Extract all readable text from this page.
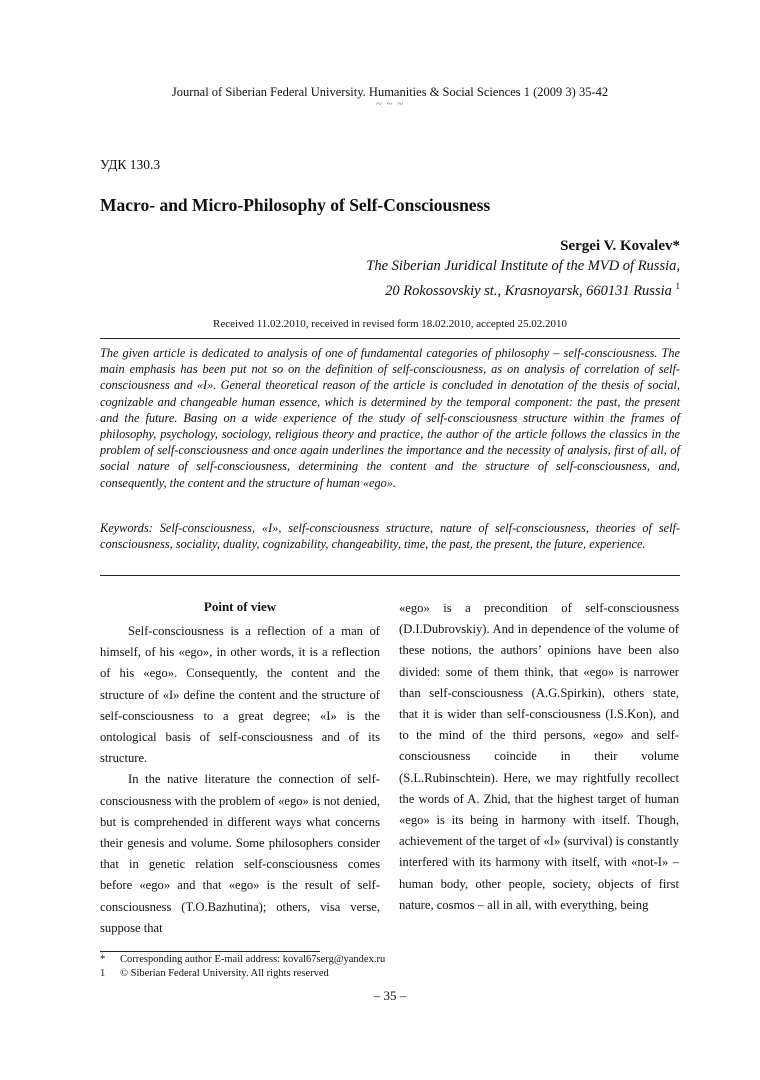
Journal of Siberian Federal University. Humanities & Social Sciences 1 (2009 3) 35-42
~ ~ ~
УДК 130.3
Macro- and Micro-Philosophy of Self-Consciousness
Sergei V. Kovalev*
The Siberian Juridical Institute of the MVD of Russia,
20 Rokossovskiy st., Krasnoyarsk, 660131 Russia $^1$
Received 11.02.2010, received in revised form 18.02.2010, accepted 25.02.2010

The given article is dedicated to analysis of one of fundamental categories of philosophy – self-consciousness. The main emphasis has been put not so on the definition of self-consciousness, as on analysis of correlation of self-consciousness and «I». General theoretical reason of the article is concluded in denotation of the thesis of social, cognizable and changeable human essence, which is determined by the temporal component: the past, the present and the future. Basing on a wide experience of the study of self-consciousness structure within the frames of philosophy, psychology, sociology, religious theory and practice, the author of the article follows the classics in the problem of self-consciousness and once again underlines the importance and the necessity of analysis, first of all, of social nature of self-consciousness, determining the content and the structure of self-consciousness, and, consequently, the content and the structure of human «ego».

Keywords: Self-consciousness, «I», self-consciousness structure, nature of self-consciousness, theories of self-consciousness, sociality, duality, cognizability, changeability, time, the past, the present, the future, experience.

Point of view

Self-consciousness is a reflection of a man of himself, of his «ego», in other words, it is a reflection of his «ego». Consequently, the content and the structure of «I» define the content and the structure of self-consciousness to a great degree; «I» is the ontological basis of self-consciousness and of its structure.

In the native literature the connection of self-consciousness with the problem of «ego» is not denied, but is comprehended in different ways what concerns their genesis and volume. Some philosophers consider that in genetic relation self-consciousness comes before «ego» and that «ego» is the result of self-consciousness (T.O.Bazhutina); others, visa verse, suppose that

«ego» is a precondition of self-consciousness (D.I.Dubrovskiy). And in dependence of the volume of these notions, the authors’ opinions have been also divided: some of them think, that «ego» is narrower than self-consciousness (A.G.Spirkin), others state, that it is wider than self-consciousness (I.S.Kon), and to the mind of the third persons, «ego» and self-consciousness coincide in their volume (S.L.Rubinschtein). Here, we may rightfully recollect the words of A. Zhid, that the highest target of human «ego» is its being in harmony with itself. Though, achievement of the target of «I» (survival) is constantly interfered with its harmony with itself, with «not-I» – human body, other people, society, objects of first nature, cosmos – all in all, with everything, being

*	Corresponding author E-mail address: koval67serg@yandex.ru
1	© Siberian Federal University. All rights reserved
– 35 –
